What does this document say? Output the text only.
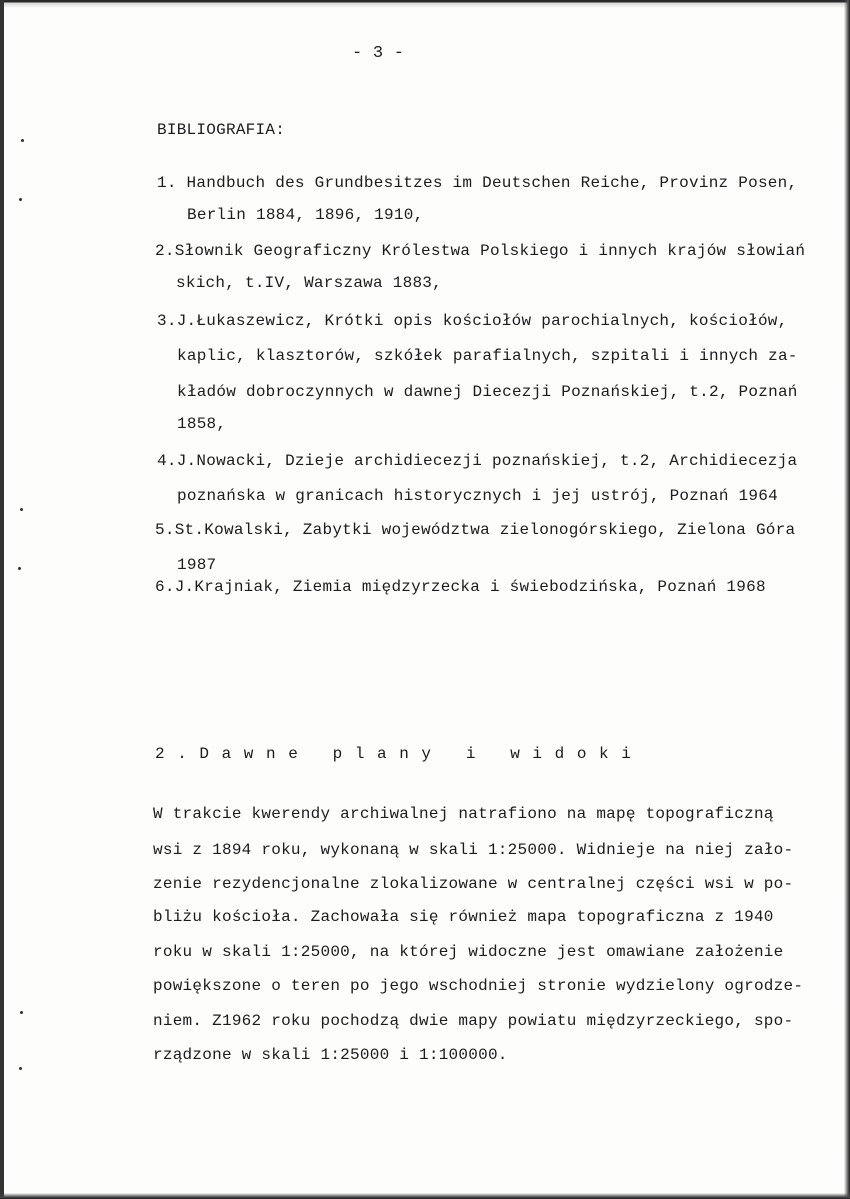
- 3 -
BIBLIOGRAFIA:
1. Handbuch des Grundbesitzes im Deutschen Reiche, Provinz Posen,
Berlin 1884, 1896, 1910,
2.Słownik Geograficzny Królestwa Polskiego i innych krajów słowiań
skich, t.IV, Warszawa 1883,
3.J.Łukaszewicz, Krótki opis kościołów parochialnych, kościołów,
kaplic, klasztorów, szkółek parafialnych, szpitali i innych za-
kładów dobroczynnych w dawnej Diecezji Poznańskiej, t.2, Poznań
1858,
4.J.Nowacki, Dzieje archidiecezji poznańskiej, t.2, Archidiecezja
poznańska w granicach historycznych i jej ustrój, Poznań 1964
5.St.Kowalski, Zabytki województwa zielonogórskiego, Zielona Góra
1987
6.J.Krajniak, Ziemia międzyrzecka i świebodzińska, Poznań 1968
2.Dawne plany i widoki
W trakcie kwerendy archiwalnej natrafiono na mapę topograficzną
wsi z 1894 roku, wykonaną w skali 1:25000. Widnieje na niej zało-
zenie rezydencjonalne zlokalizowane w centralnej części wsi w po-
bliżu kościoła. Zachowała się również mapa topograficzna z 1940
roku w skali 1:25000, na której widoczne jest omawiane założenie
powiększone o teren po jego wschodniej stronie wydzielony ogrodze-
niem. Z1962 roku pochodzą dwie mapy powiatu międzyrzeckiego, spo-
rządzone w skali 1:25000 i 1:100000.
